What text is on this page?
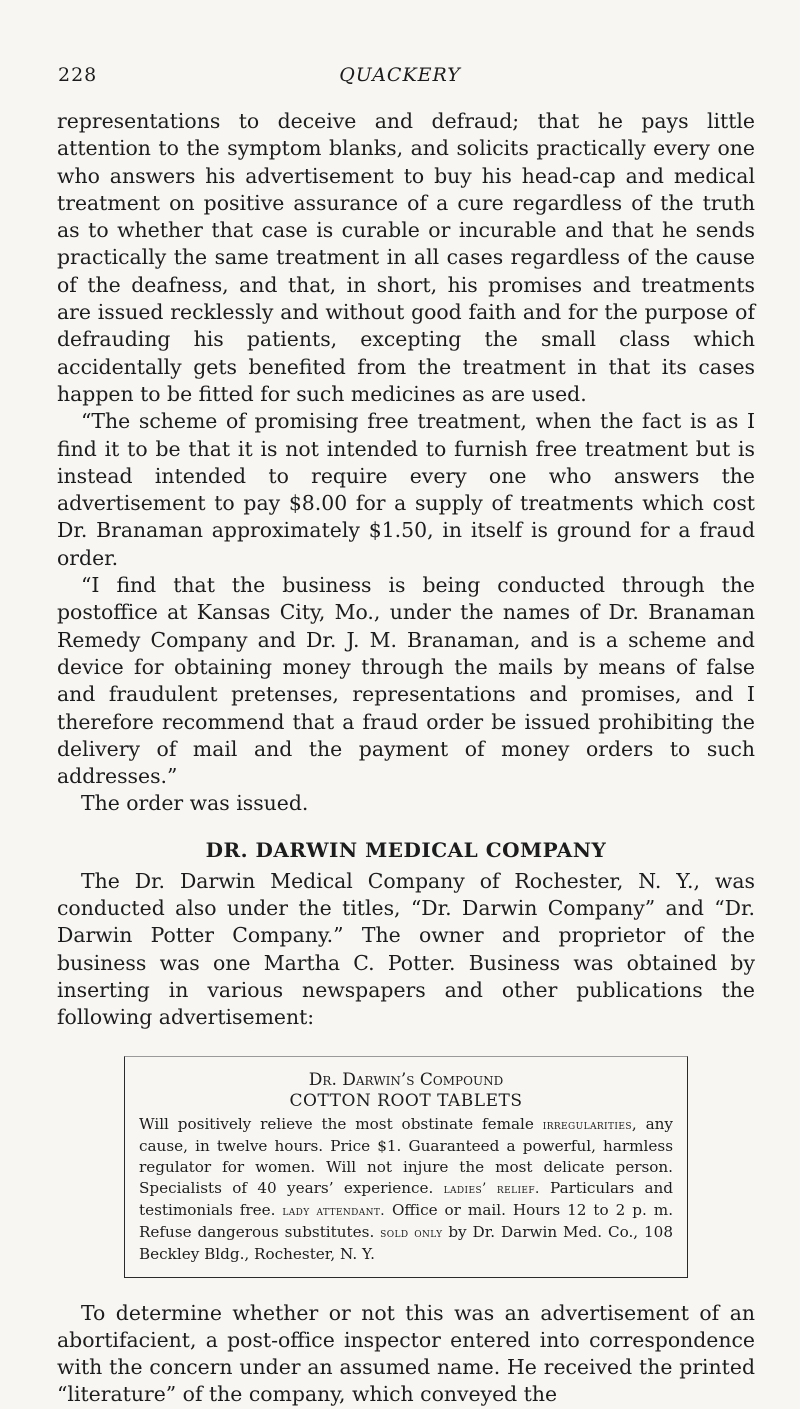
228	QUACKERY

representations to deceive and defraud; that he pays little attention to the symptom blanks, and solicits practically every one who answers his advertisement to buy his head-cap and medical treatment on positive assurance of a cure regardless of the truth as to whether that case is curable or incurable and that he sends practically the same treatment in all cases regardless of the cause of the deafness, and that, in short, his promises and treatments are issued recklessly and without good faith and for the purpose of defrauding his patients, excepting the small class which accidentally gets benefited from the treatment in that its cases happen to be fitted for such medicines as are used.

“The scheme of promising free treatment, when the fact is as I find it to be that it is not intended to furnish free treatment but is instead intended to require every one who answers the advertisement to pay $8.00 for a supply of treatments which cost Dr. Branaman approximately $1.50, in itself is ground for a fraud order.

“I find that the business is being conducted through the postoffice at Kansas City, Mo., under the names of Dr. Branaman Remedy Company and Dr. J. M. Branaman, and is a scheme and device for obtaining money through the mails by means of false and fraudulent pretenses, representations and promises, and I therefore recommend that a fraud order be issued prohibiting the delivery of mail and the payment of money orders to such addresses.”

The order was issued.

DR. DARWIN MEDICAL COMPANY

The Dr. Darwin Medical Company of Rochester, N. Y., was conducted also under the titles, “Dr. Darwin Company” and “Dr. Darwin Potter Company.” The owner and proprietor of the business was one Martha C. Potter. Business was obtained by inserting in various newspapers and other publications the following advertisement:

Dr. Darwin’s Compound
COTTON ROOT TABLETS
Will positively relieve the most obstinate female irregularities, any cause, in twelve hours. Price $1. Guaranteed a powerful, harmless regulator for women. Will not injure the most delicate person. Specialists of 40 years’ experience. ladies’ relief. Particulars and testimonials free. lady attendant. Office or mail. Hours 12 to 2 p. m. Refuse dangerous substitutes. sold only by Dr. Darwin Med. Co., 108 Beckley Bldg., Rochester, N. Y.

To determine whether or not this was an advertisement of an abortifacient, a post-office inspector entered into correspondence with the concern under an assumed name. He received the printed “literature” of the company, which conveyed the
